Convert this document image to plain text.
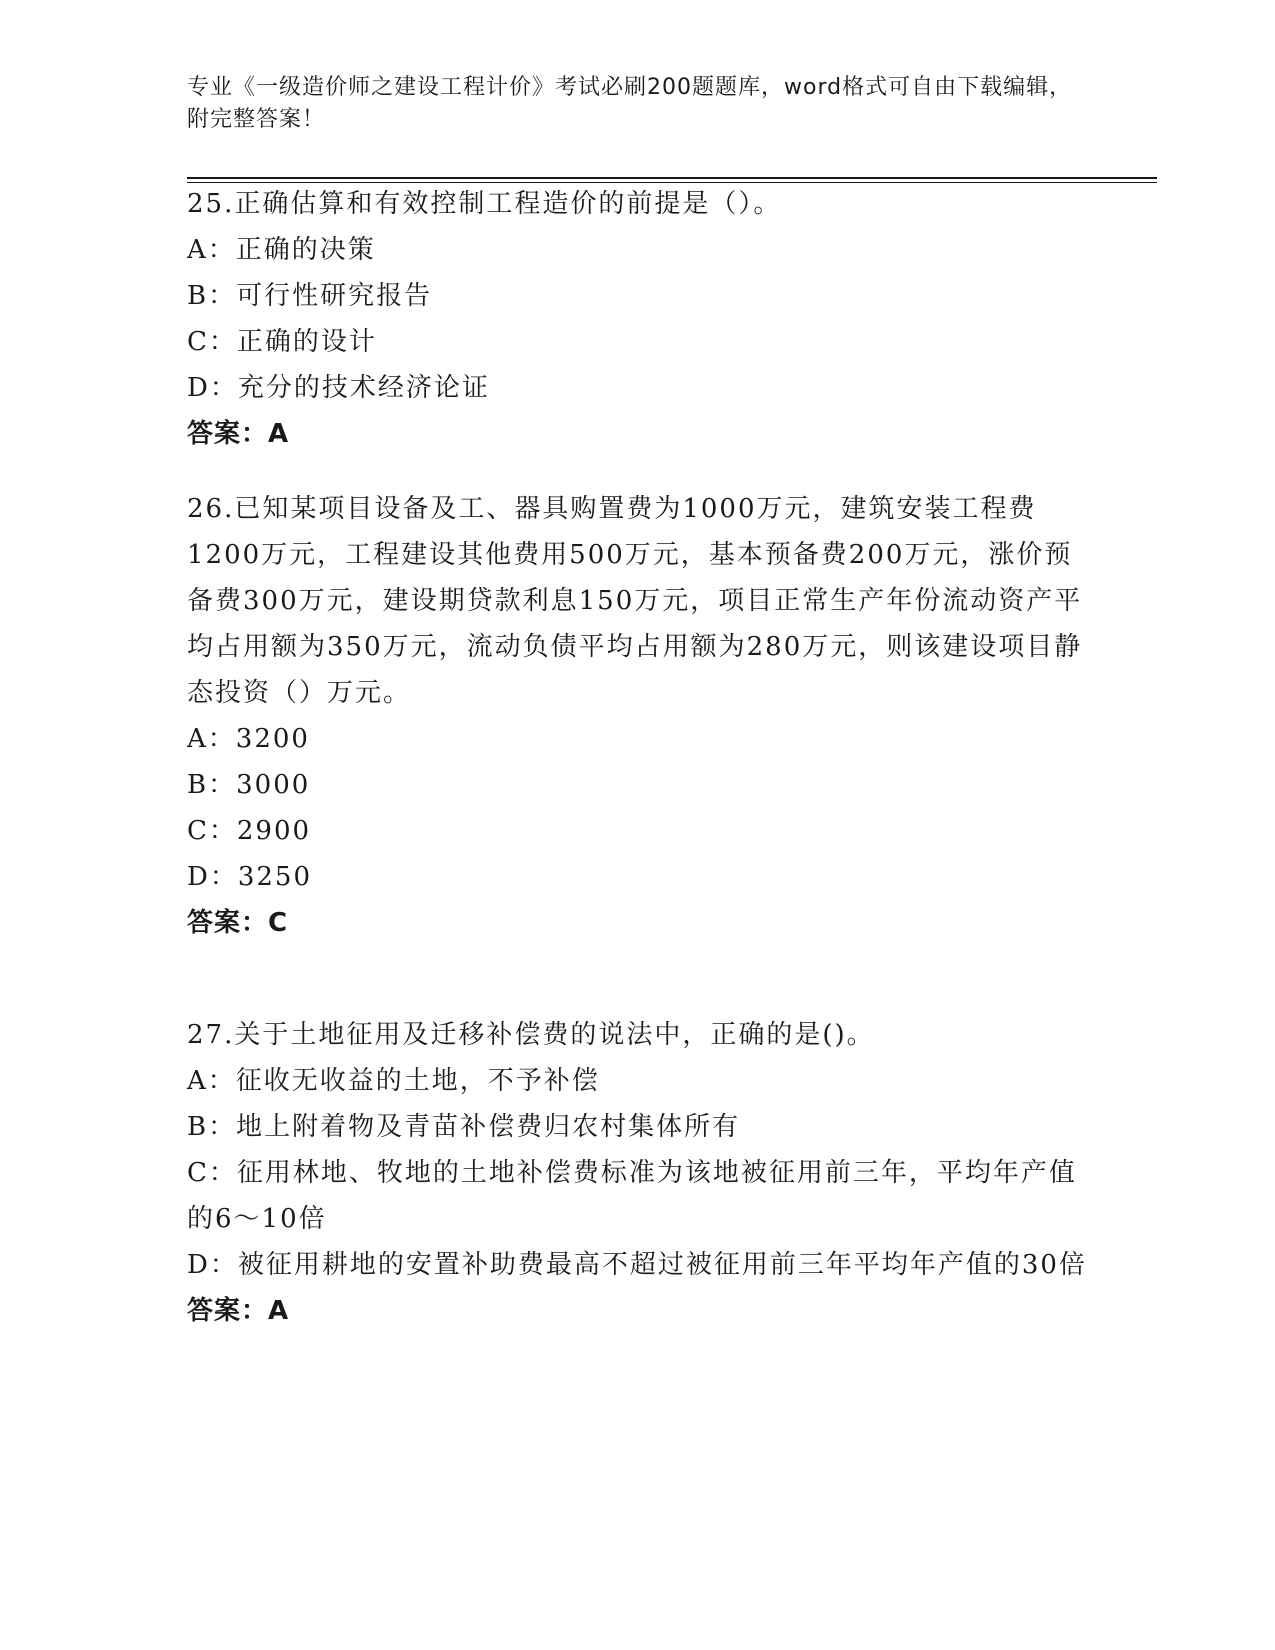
专业《一级造价师之建设工程计价》考试必刷200题题库，word格式可自由下载编辑，附完整答案！
25.正确估算和有效控制工程造价的前提是（）。
A：正确的决策
B：可行性研究报告
C：正确的设计
D：充分的技术经济论证
答案：A

26.已知某项目设备及工、器具购置费为1000万元，建筑安装工程费1200万元，工程建设其他费用500万元，基本预备费200万元，涨价预备费300万元，建设期贷款利息150万元，项目正常生产年份流动资产平均占用额为350万元，流动负债平均占用额为280万元，则该建设项目静态投资（）万元。

A：3200
B：3000
C：2900
D：3250
答案：C
27.关于土地征用及迁移补偿费的说法中，正确的是()。
A：征收无收益的土地，不予补偿
B：地上附着物及青苗补偿费归农村集体所有

C：征用林地、牧地的土地补偿费标准为该地被征用前三年，平均年产值的6～10倍

D：被征用耕地的安置补助费最高不超过被征用前三年平均年产值的30倍

答案：A
